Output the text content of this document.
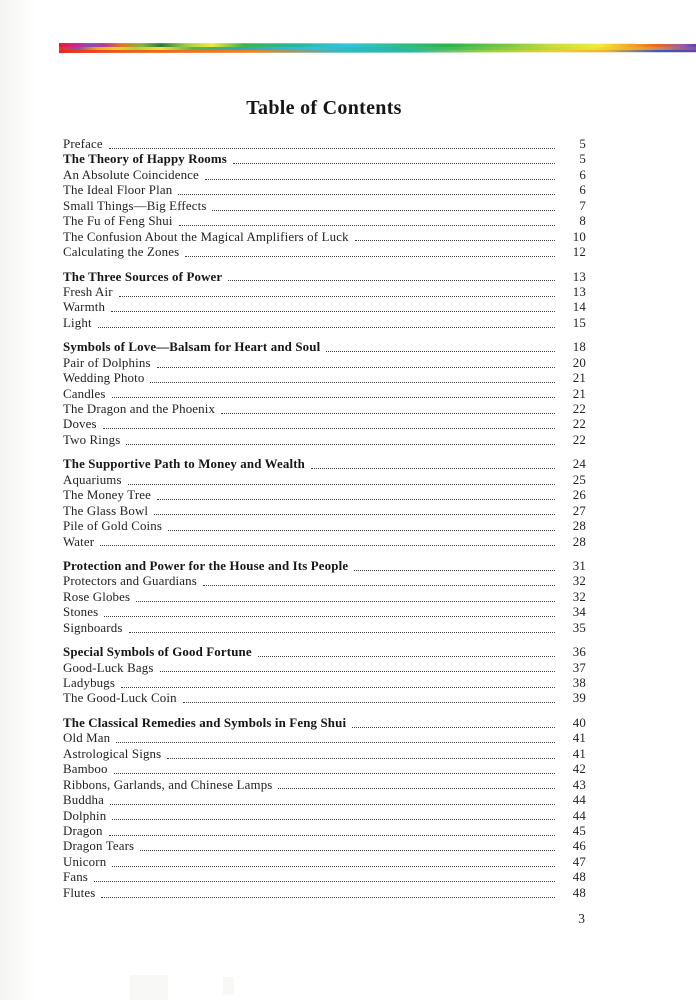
Table of Contents
Preface	5
The Theory of Happy Rooms	5
An Absolute Coincidence	6
The Ideal Floor Plan	6
Small Things—Big Effects	7
The Fu of Feng Shui	8
The Confusion About the Magical Amplifiers of Luck	10
Calculating the Zones	12
The Three Sources of Power	13
Fresh Air	13
Warmth	14
Light	15
Symbols of Love—Balsam for Heart and Soul	18
Pair of Dolphins	20
Wedding Photo	21
Candles	21
The Dragon and the Phoenix	22
Doves	22
Two Rings	22
The Supportive Path to Money and Wealth	24
Aquariums	25
The Money Tree	26
The Glass Bowl	27
Pile of Gold Coins	28
Water	28
Protection and Power for the House and Its People	31
Protectors and Guardians	32
Rose Globes	32
Stones	34
Signboards	35
Special Symbols of Good Fortune	36
Good-Luck Bags	37
Ladybugs	38
The Good-Luck Coin	39
The Classical Remedies and Symbols in Feng Shui	40
Old Man	41
Astrological Signs	41
Bamboo	42
Ribbons, Garlands, and Chinese Lamps	43
Buddha	44
Dolphin	44
Dragon	45
Dragon Tears	46
Unicorn	47
Fans	48
Flutes	48
3
